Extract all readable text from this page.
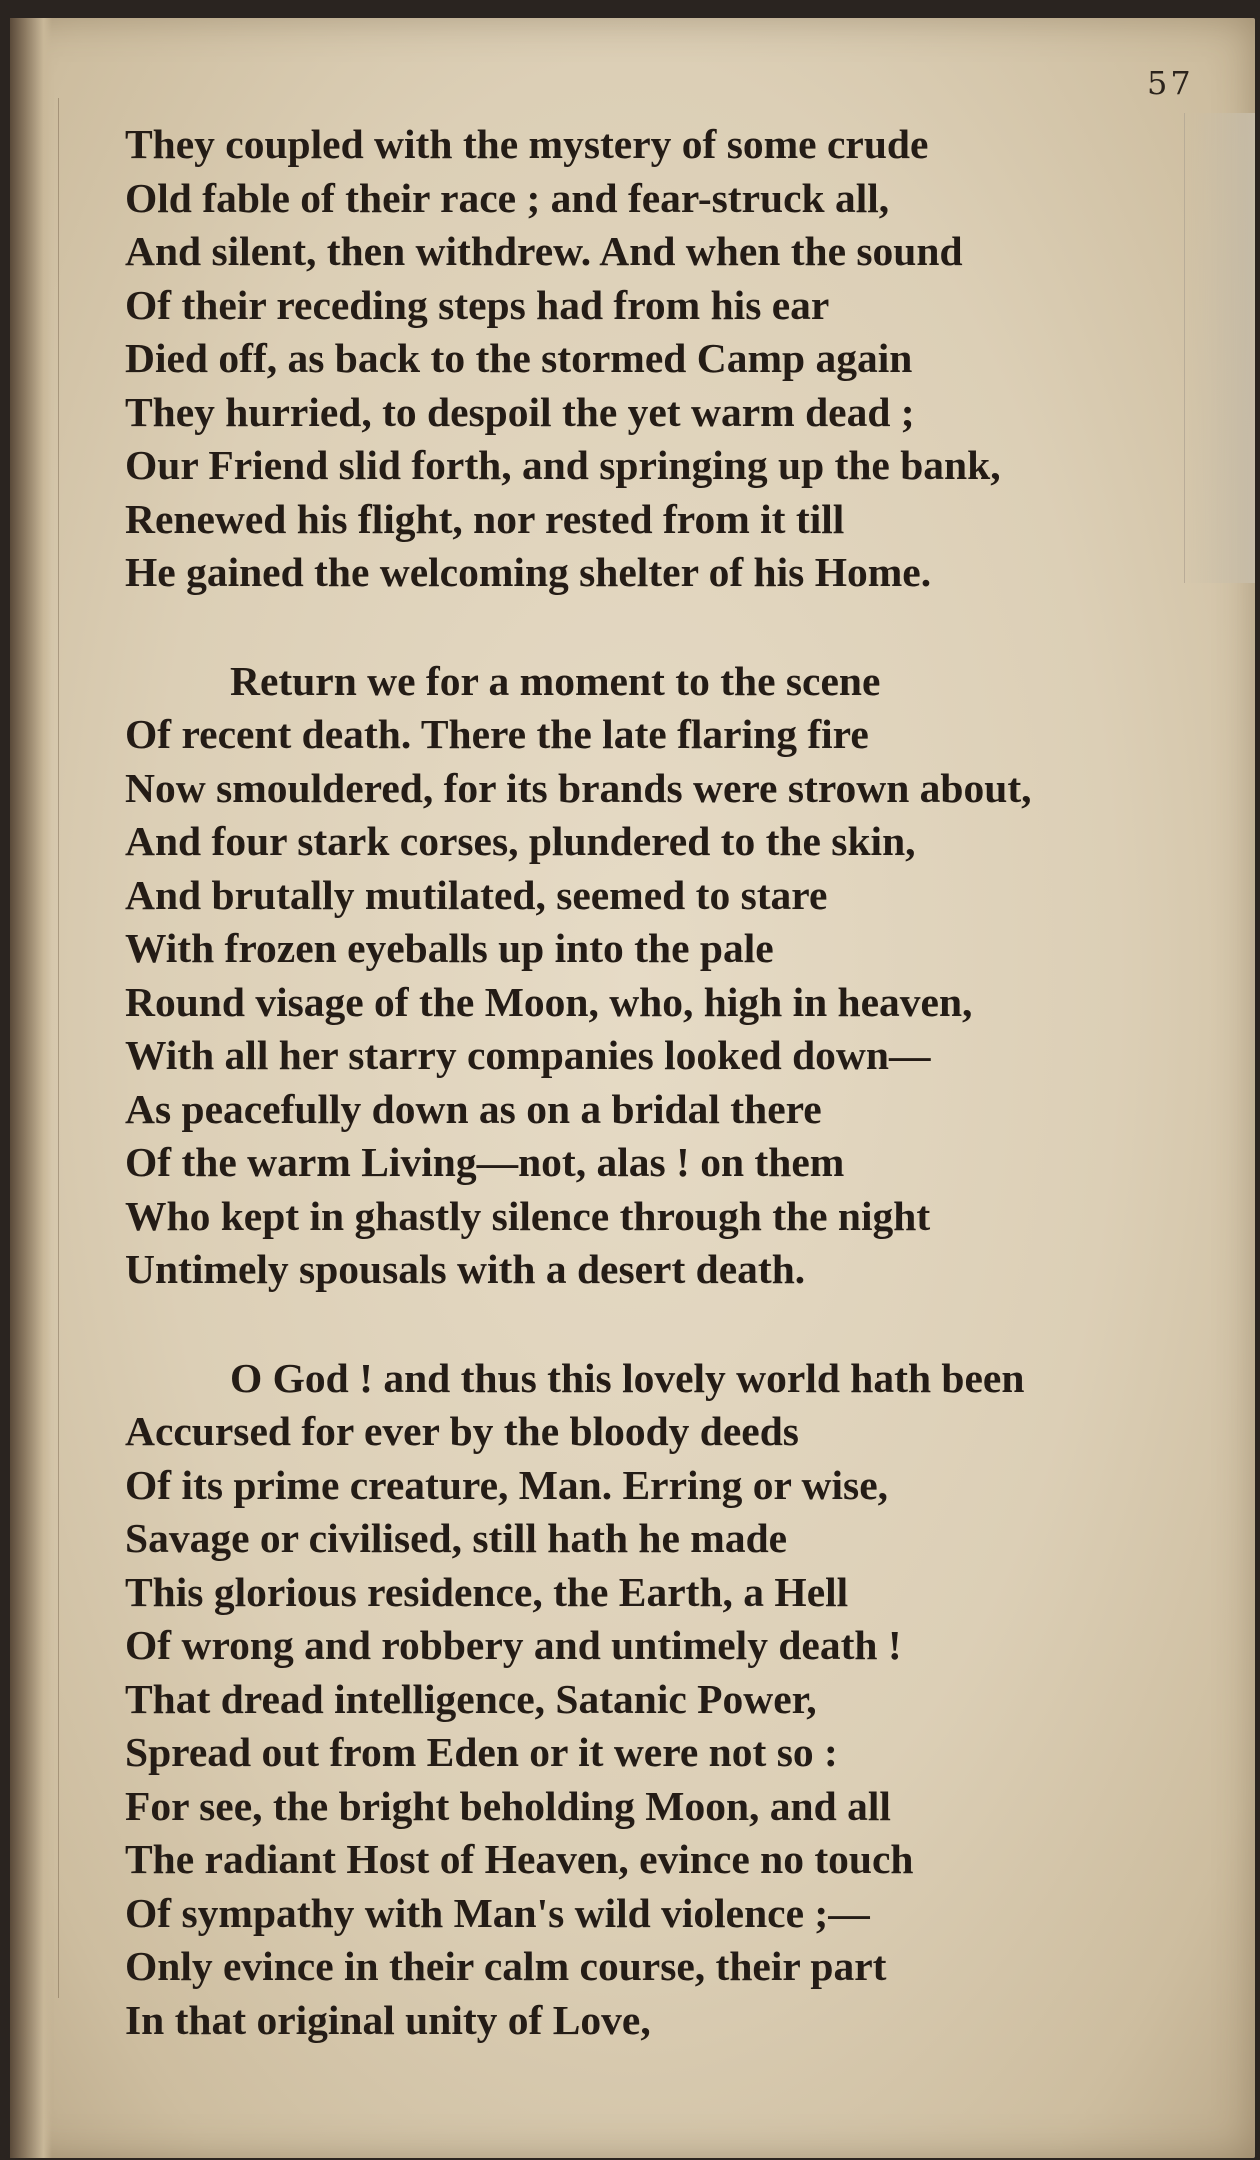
57
They coupled with the mystery of some crude
Old fable of their race ; and fear-struck all,
And silent, then withdrew. And when the sound
Of their receding steps had from his ear
Died off, as back to the stormed Camp again
They hurried, to despoil the yet warm dead ;
Our Friend slid forth, and springing up the bank,
Renewed his flight, nor rested from it till
He gained the welcoming shelter of his Home.
Return we for a moment to the scene
Of recent death. There the late flaring fire
Now smouldered, for its brands were strown about,
And four stark corses, plundered to the skin,
And brutally mutilated, seemed to stare
With frozen eyeballs up into the pale
Round visage of the Moon, who, high in heaven,
With all her starry companies looked down—
As peacefully down as on a bridal there
Of the warm Living—not, alas ! on them
Who kept in ghastly silence through the night
Untimely spousals with a desert death.
O God ! and thus this lovely world hath been
Accursed for ever by the bloody deeds
Of its prime creature, Man. Erring or wise,
Savage or civilised, still hath he made
This glorious residence, the Earth, a Hell
Of wrong and robbery and untimely death !
That dread intelligence, Satanic Power,
Spread out from Eden or it were not so :
For see, the bright beholding Moon, and all
The radiant Host of Heaven, evince no touch
Of sympathy with Man's wild violence ;—
Only evince in their calm course, their part
In that original unity of Love,
